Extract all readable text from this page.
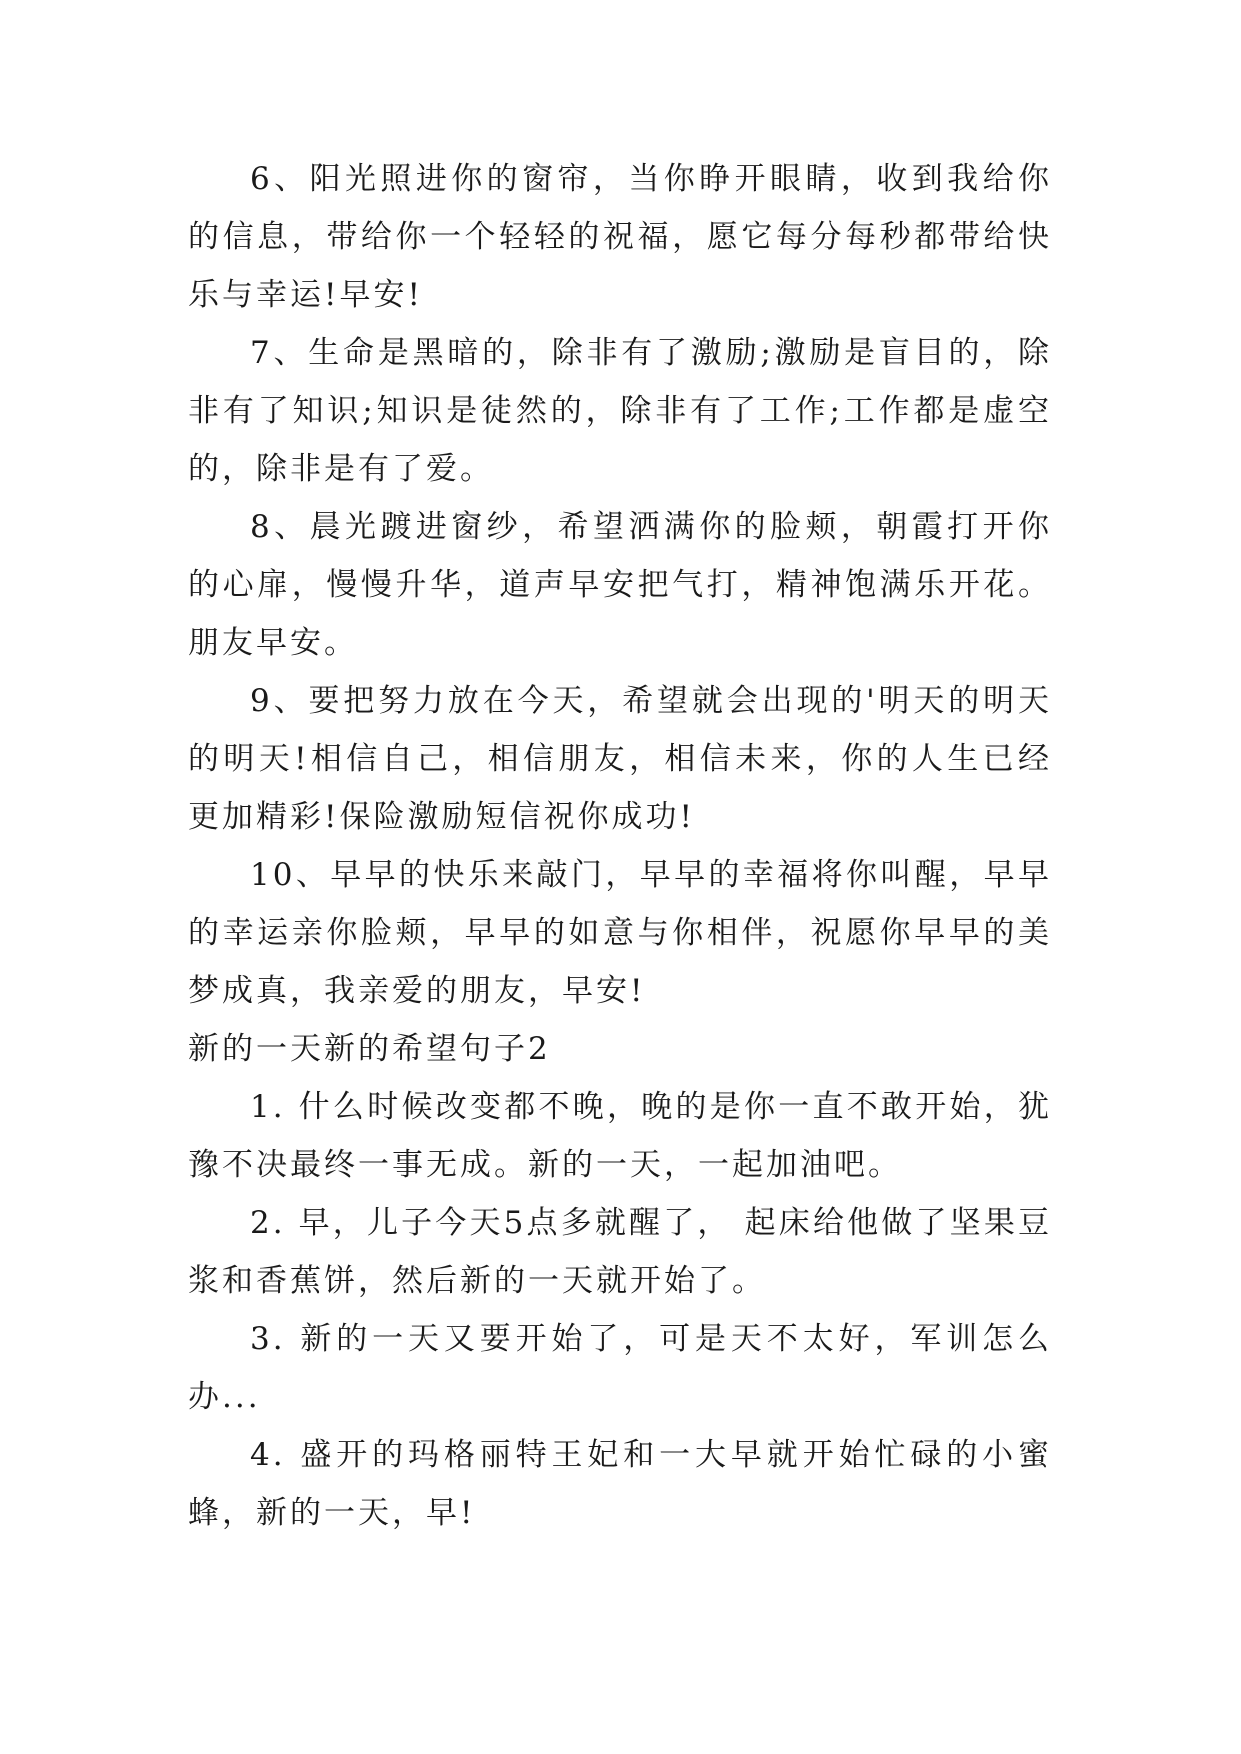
6、阳光照进你的窗帘，当你睁开眼睛，收到我给你的信息，带给你一个轻轻的祝福，愿它每分每秒都带给快乐与幸运!早安!

7、生命是黑暗的，除非有了激励;激励是盲目的，除非有了知识;知识是徒然的，除非有了工作;工作都是虚空的，除非是有了爱。

8、晨光踱进窗纱，希望洒满你的脸颊，朝霞打开你的心扉，慢慢升华，道声早安把气打，精神饱满乐开花。朋友早安。

9、要把努力放在今天，希望就会出现的'明天的明天的明天!相信自己，相信朋友，相信未来，你的人生已经更加精彩!保险激励短信祝你成功!

10、早早的快乐来敲门，早早的幸福将你叫醒，早早的幸运亲你脸颊，早早的如意与你相伴，祝愿你早早的美梦成真，我亲爱的朋友，早安!

新的一天新的希望句子2

1. 什么时候改变都不晚，晚的是你一直不敢开始，犹豫不决最终一事无成。新的一天，一起加油吧。

2. 早，儿子今天5点多就醒了， 起床给他做了坚果豆浆和香蕉饼，然后新的一天就开始了。

3. 新的一天又要开始了，可是天不太好，军训怎么办...

4. 盛开的玛格丽特王妃和一大早就开始忙碌的小蜜蜂，新的一天，早!
